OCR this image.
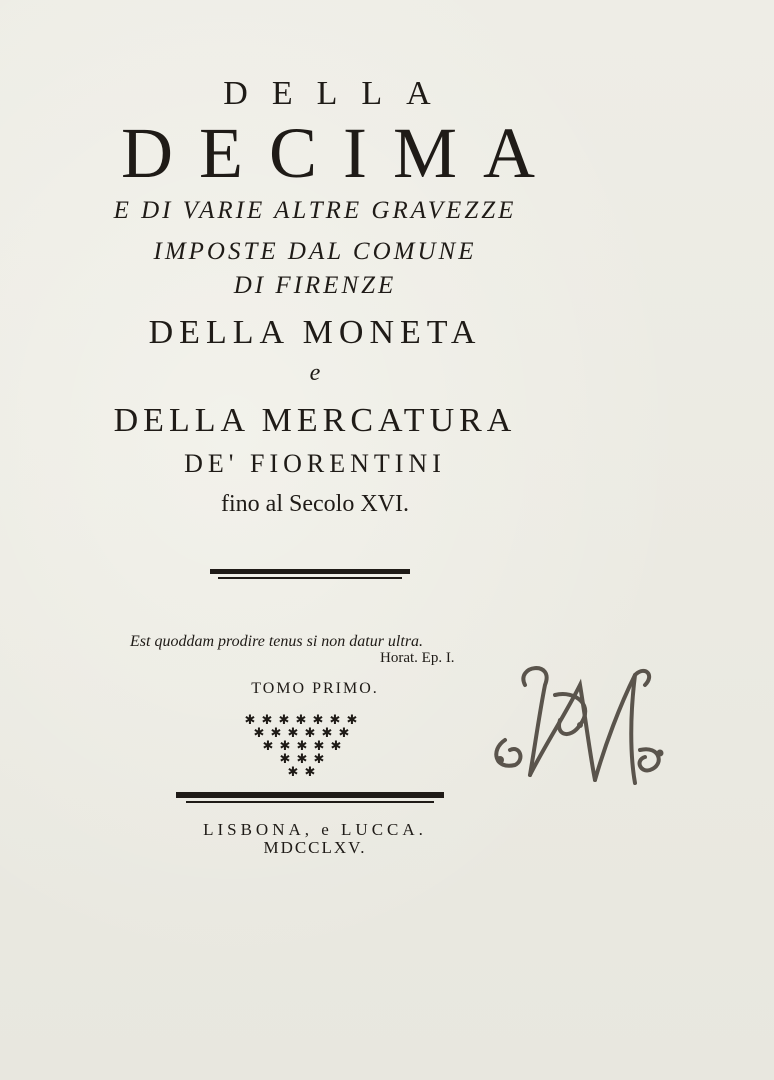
DELLA
DECIMA
E DI VARIE ALTRE GRAVEZZE
IMPOSTE DAL COMUNE
DI FIRENZE
DELLA MONETA
e
DELLA MERCATURA
DE' FIORENTINI
fino al Secolo XVI.
Est quoddam prodire tenus si non datur ultra.
Horat. Ep. I.
TOMO PRIMO.
✱ ✱ ✱ ✱ ✱ ✱ ✱
✱ ✱ ✱ ✱ ✱ ✱
✱ ✱ ✱ ✱ ✱
✱ ✱ ✱
✱ ✱
LISBONA, e LUCCA.
MDCCLXV.
